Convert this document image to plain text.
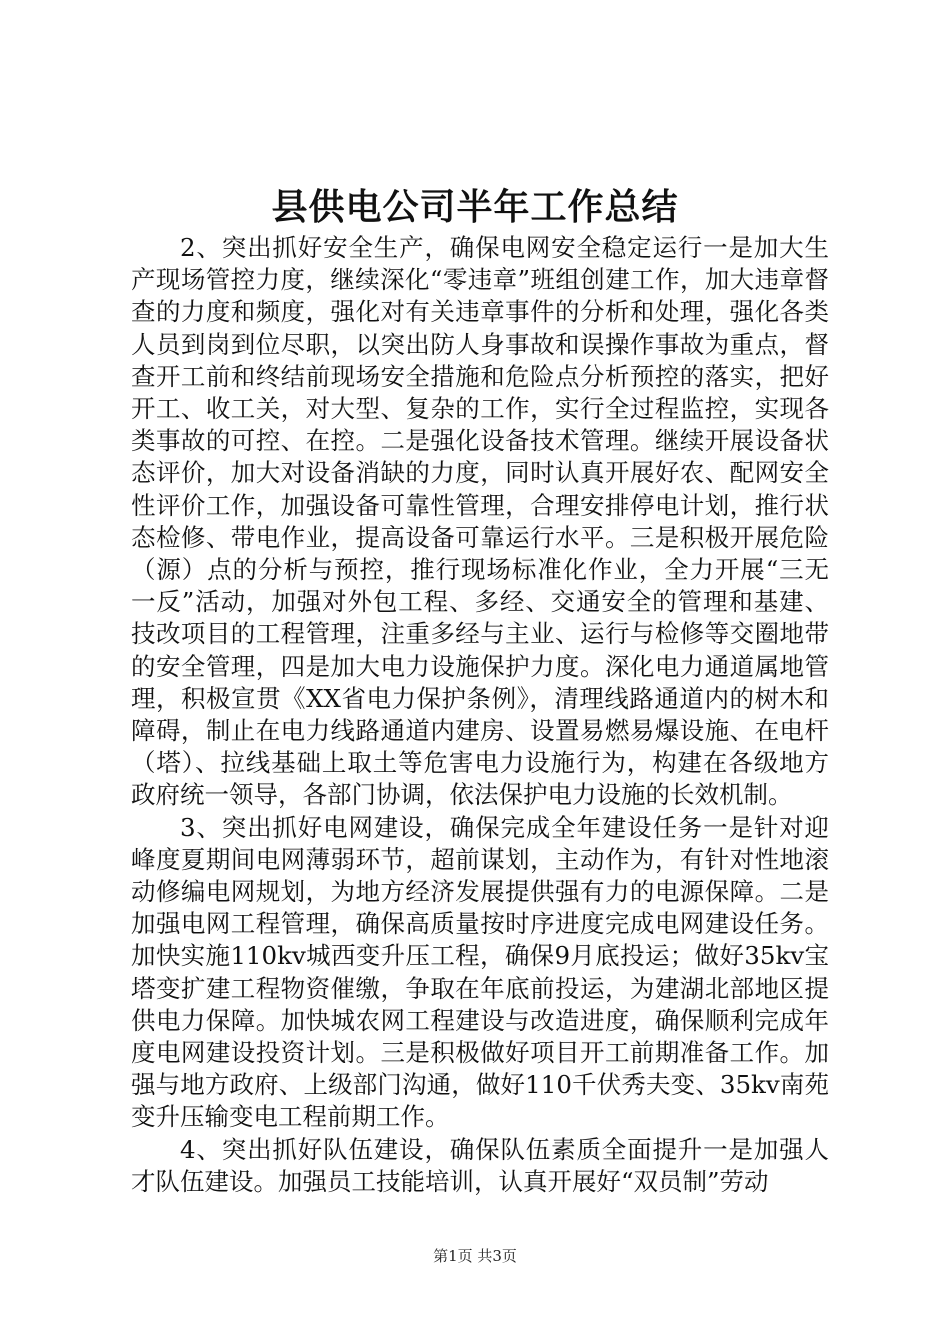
县供电公司半年工作总结

2、突出抓好安全生产，确保电网安全稳定运行一是加大生产现场管控力度，继续深化“零违章”班组创建工作，加大违章督查的力度和频度，强化对有关违章事件的分析和处理，强化各类人员到岗到位尽职，以突出防人身事故和误操作事故为重点，督查开工前和终结前现场安全措施和危险点分析预控的落实，把好开工、收工关，对大型、复杂的工作，实行全过程监控，实现各类事故的可控、在控。二是强化设备技术管理。继续开展设备状态评价，加大对设备消缺的力度，同时认真开展好农、配网安全性评价工作，加强设备可靠性管理，合理安排停电计划，推行状态检修、带电作业，提高设备可靠运行水平。三是积极开展危险（源）点的分析与预控，推行现场标准化作业，全力开展“三无一反”活动，加强对外包工程、多经、交通安全的管理和基建、技改项目的工程管理，注重多经与主业、运行与检修等交圈地带的安全管理，四是加大电力设施保护力度。深化电力通道属地管理，积极宣贯《XX省电力保护条例》，清理线路通道内的树木和障碍，制止在电力线路通道内建房、设置易燃易爆设施、在电杆（塔）、拉线基础上取土等危害电力设施行为，构建在各级地方政府统一领导，各部门协调，依法保护电力设施的长效机制。

3、突出抓好电网建设，确保完成全年建设任务一是针对迎峰度夏期间电网薄弱环节，超前谋划，主动作为，有针对性地滚动修编电网规划，为地方经济发展提供强有力的电源保障。二是加强电网工程管理，确保高质量按时序进度完成电网建设任务。加快实施110kv城西变升压工程，确保9月底投运；做好35kv宝塔变扩建工程物资催缴，争取在年底前投运，为建湖北部地区提供电力保障。加快城农网工程建设与改造进度，确保顺利完成年度电网建设投资计划。三是积极做好项目开工前期准备工作。加强与地方政府、上级部门沟通，做好110千伏秀夫变、35kv南苑变升压输变电工程前期工作。

4、突出抓好队伍建设，确保队伍素质全面提升一是加强人才队伍建设。加强员工技能培训，认真开展好“双员制”劳动

第1页 共3页
